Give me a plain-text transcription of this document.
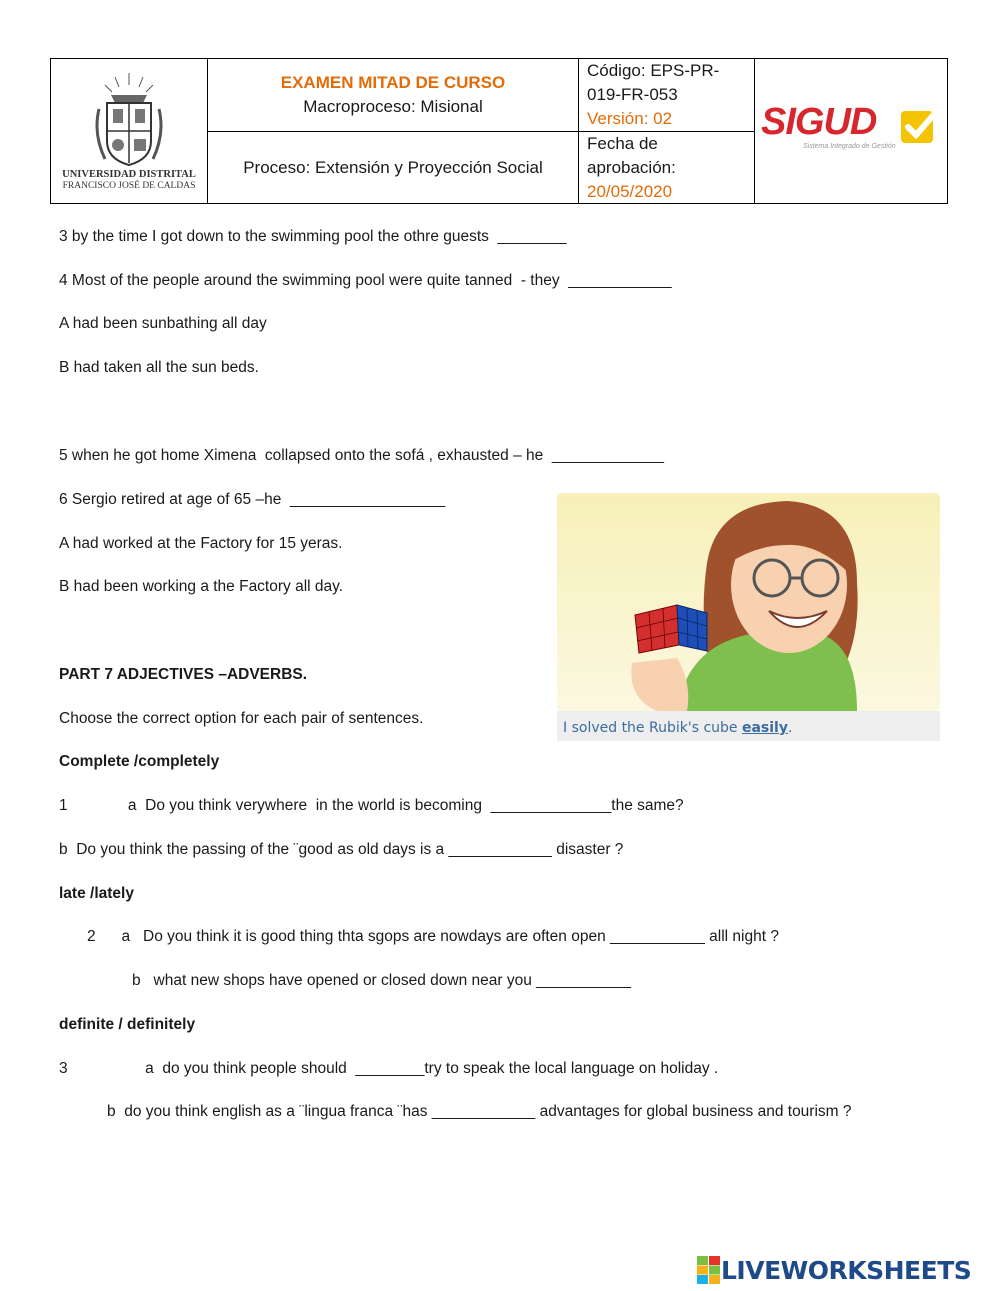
UNIVERSIDAD DISTRITAL
FRANCISCO JOSÉ DE CALDAS
EXAMEN MITAD DE CURSO
Macroproceso: Misional
Proceso: Extensión y Proyección Social
Código: EPS-PR-
019-FR-053
Versión: 02
Fecha de
aprobación:
20/05/2020
SIGUD
Sistema Integrado de Gestión
3 by the time I got down to the swimming pool the othre guests  ________
4 Most of the people around the swimming pool were quite tanned  - they  ____________
A had been sunbathing all day
B had taken all the sun beds.
5 when he got home Ximena  collapsed onto the sofá , exhausted – he  _____________
6 Sergio retired at age of 65 –he  __________________
A had worked at the Factory for 15 yeras.
B had been working a the Factory all day.
PART 7 ADJECTIVES –ADVERBS.
Choose the correct option for each pair of sentences.
Complete /completely
1              a  Do you think verywhere  in the world is becoming  ______________the same?
b  Do you think the passing of the ¨good as old days is a ____________ disaster ?
late /lately
2      a   Do you think it is good thing thta sgops are nowdays are often open ___________ alll night ?
b   what new shops have opened or closed down near you ___________
definite / definitely
3                  a  do you think people should  ________try to speak the local language on holiday .
b  do you think english as a ¨lingua franca ¨has ____________ advantages for global business and tourism ?
I solved the Rubik's cube easily.
LIVEWORKSHEETS
